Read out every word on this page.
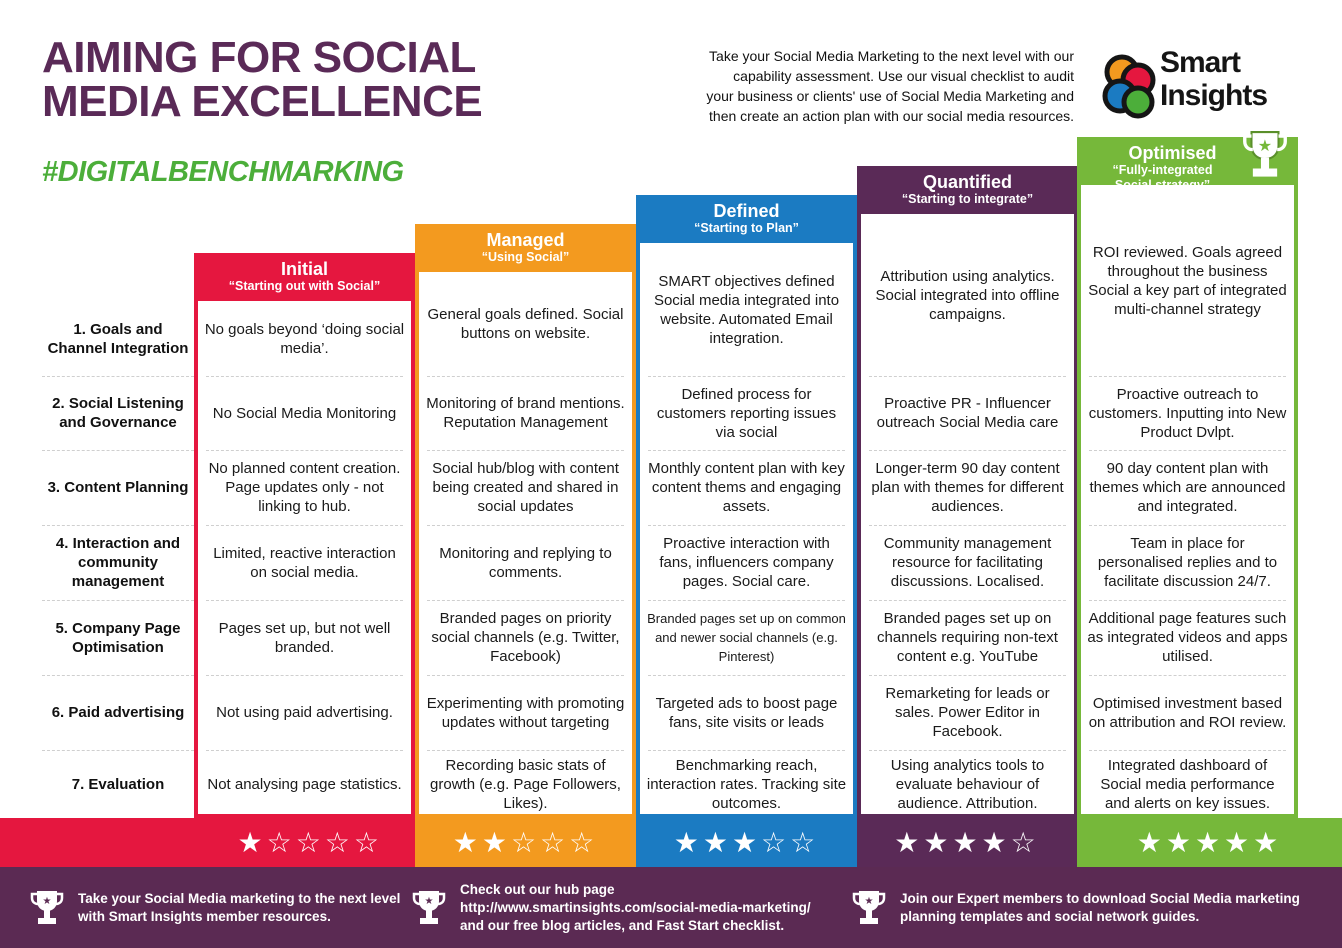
AIMING FOR SOCIAL
MEDIA EXCELLENCE
#DIGITALBENCHMARKING
Take your Social Media Marketing to the next level with our
capability assessment. Use our visual checklist to audit
your business or clients' use of Social Media Marketing and
then create an action plan with our social media resources.
Smart
Insights
1. Goals and Channel Integration
2. Social Listening and Governance
3. Content Planning
4. Interaction and community management
5. Company Page Optimisation
6. Paid advertising
7. Evaluation
Initial
“Starting out with Social”
No goals beyond ‘doing social media’.
No Social Media Monitoring
No planned content creation. Page updates only - not linking to hub.
Limited, reactive interaction on social media.
Pages set up, but not well branded.
Not using paid advertising.
Not analysing page statistics.
★☆☆☆☆
Managed
“Using Social”
General goals defined. Social buttons on website.
Monitoring of brand mentions. Reputation Management
Social hub/blog with content being created and shared in social updates
Monitoring and replying to comments.
Branded pages on priority social channels (e.g. Twitter, Facebook)
Experimenting with promoting updates without targeting
Recording basic stats of growth (e.g. Page Followers, Likes).
★★☆☆☆
Defined
“Starting to Plan”
SMART objectives defined Social media integrated into website. Automated Email integration.
Defined process for customers reporting issues via social
Monthly content plan with key content thems and engaging assets.
Proactive interaction with fans, influencers company pages. Social care.
Branded pages set up on common and newer social channels (e.g. Pinterest)
Targeted ads to boost page fans, site visits or leads
Benchmarking reach, interaction rates. Tracking site outcomes.
★★★☆☆
Quantified
“Starting to integrate”
Attribution using analytics. Social integrated into offline campaigns.
Proactive PR - Influencer outreach Social Media care
Longer-term 90 day content plan with themes for different audiences.
Community management resource for facilitating discussions. Localised.
Branded pages set up on channels requiring non-text content e.g. YouTube
Remarketing for leads or sales. Power Editor in Facebook.
Using analytics tools to evaluate behaviour of audience. Attribution.
★★★★☆
Optimised
“Fully-integrated Social strategy”
★
ROI reviewed. Goals agreed throughout the business Social a key part of integrated multi-channel strategy
Proactive outreach to customers. Inputting into New Product Dvlpt.
90 day content plan with themes which are announced and integrated.
Team in place for personalised replies and to facilitate discussion 24/7.
Additional page features such as integrated videos and apps utilised.
Optimised investment based on attribution and ROI review.
Integrated dashboard of Social media performance and alerts on key issues.
★★★★★
★ Take your Social Media marketing to the next level with Smart Insights member resources.
★
Check out our hub page http://www.smartinsights.com/social-media-marketing/ and our free blog articles, and Fast Start checklist.
★ Join our Expert members to download Social Media marketing planning templates and social network guides.
